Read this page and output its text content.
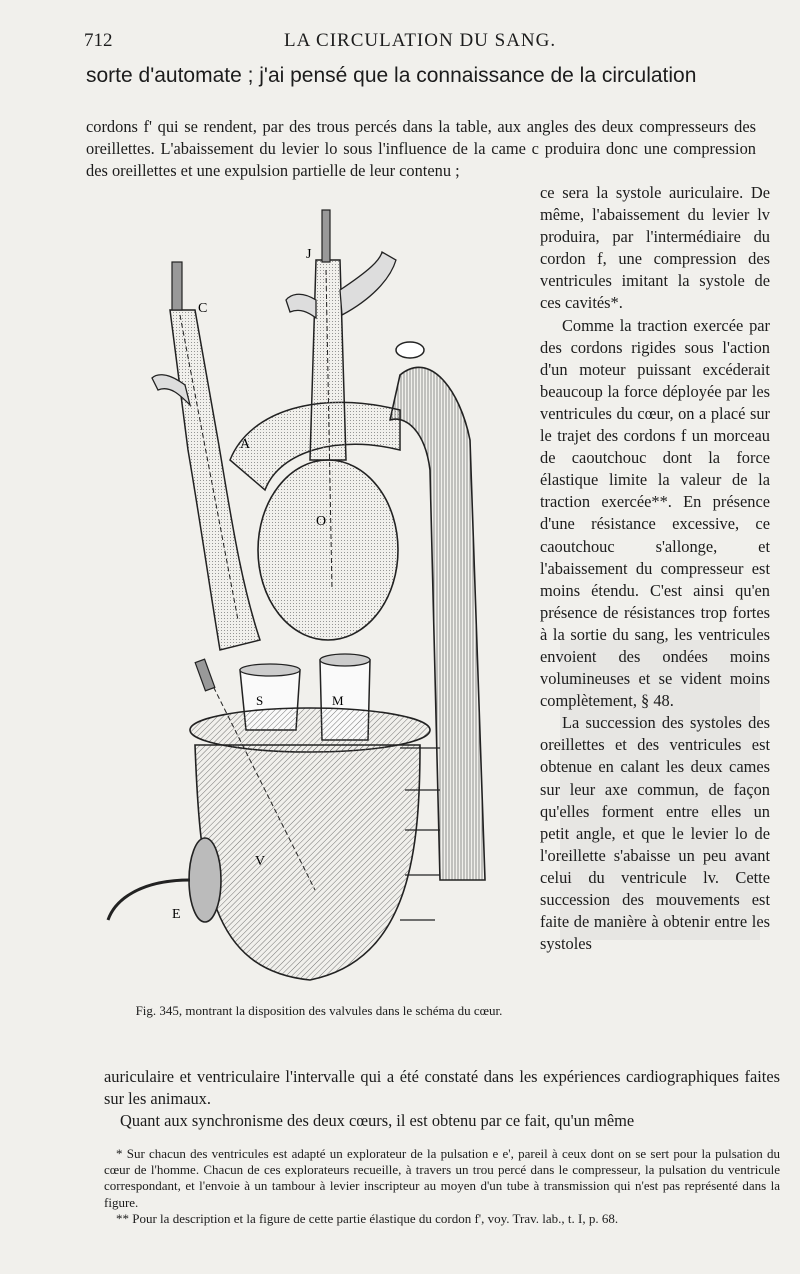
712	LA CIRCULATION DU SANG.
sorte d'automate ; j'ai pensé que la connaissance de la circulation
cordons f' qui se rendent, par des trous percés dans la table, aux angles des deux compresseurs des oreillettes. L'abaissement du levier lo sous l'influence de la came c produira donc une compression des oreillettes et une expulsion partielle de leur contenu ;
C
J
A
O
S	M
V
E

ce sera la systole auriculaire. De même, l'abaissement du levier lv produira, par l'intermédiaire du cordon f, une compression des ventricules imitant la systole de ces cavités*.

Comme la traction exercée par des cordons rigides sous l'action d'un moteur puissant excéderait beaucoup la force déployée par les ventricules du cœur, on a placé sur le trajet des cordons f un morceau de caoutchouc dont la force élastique limite la valeur de la traction exercée**. En présence d'une résistance excessive, ce caoutchouc s'allonge, et l'abaissement du compresseur est moins étendu. C'est ainsi qu'en présence de résistances trop fortes à la sortie du sang, les ventricules envoient des ondées moins volumineuses et se vident moins complètement, § 48.

La succession des systoles des oreillettes et des ventricules est obtenue en calant les deux cames sur leur axe commun, de façon qu'elles forment entre elles un petit angle, et que le levier lo de l'oreillette s'abaisse un peu avant celui du ventricule lv. Cette succession des mouvements est faite de manière à obtenir entre les systoles

Fig. 345, montrant la disposition des valvules dans le schéma du cœur.
auriculaire et ventriculaire l'intervalle qui a été constaté dans les expériences cardiographiques faites sur les animaux.
Quant aux synchronisme des deux cœurs, il est obtenu par ce fait, qu'un même

* Sur chacun des ventricules est adapté un explorateur de la pulsation e e', pareil à ceux dont on se sert pour la pulsation du cœur de l'homme. Chacun de ces explorateurs recueille, à travers un trou percé dans le compresseur, la pulsation du ventricule correspondant, et l'envoie à un tambour à levier inscripteur au moyen d'un tube à transmission qui n'est pas représenté dans la figure.

** Pour la description et la figure de cette partie élastique du cordon f', voy. Trav. lab., t. I, p. 68.
